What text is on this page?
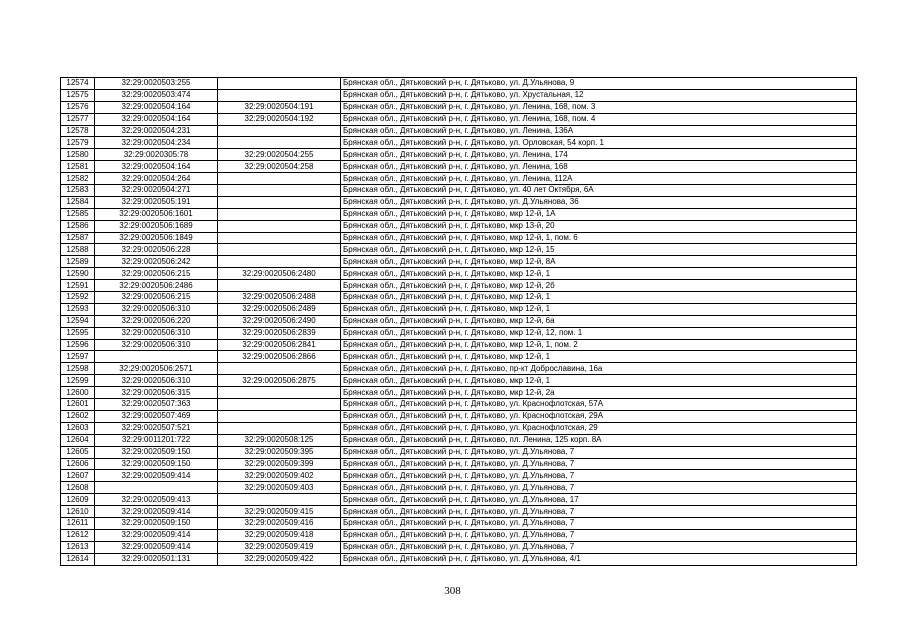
12574	32:29:0020503:255		Брянская обл., Дятьковский р-н, г. Дятьково, ул. Д.Ульянова, 9
12575	32:29:0020503:474		Брянская обл., Дятьковский р-н, г. Дятьково, ул. Хрустальная, 12
12576	32:29:0020504:164	32:29:0020504:191	Брянская обл., Дятьковский р-н, г. Дятьково, ул. Ленина, 168, пом. 3
12577	32:29:0020504:164	32:29:0020504:192	Брянская обл., Дятьковский р-н, г. Дятьково, ул. Ленина, 168, пом. 4
12578	32:29:0020504:231		Брянская обл., Дятьковский р-н, г. Дятьково, ул. Ленина, 136А
12579	32:29:0020504:234		Брянская обл., Дятьковский р-н, г. Дятьково, ул. Орловская, 54 корп. 1
12580	32:29:0020305:78	32:29:0020504:255	Брянская обл., Дятьковский р-н, г. Дятьково, ул. Ленина, 174
12581	32:29:0020504:164	32:29:0020504:258	Брянская обл., Дятьковский р-н, г. Дятьково, ул. Ленина, 168
12582	32:29:0020504:264		Брянская обл., Дятьковский р-н, г. Дятьково, ул. Ленина, 112А
12583	32:29:0020504:271		Брянская обл., Дятьковский р-н, г. Дятьково, ул. 40 лет Октября, 6А
12584	32:29:0020505:191		Брянская обл., Дятьковский р-н, г. Дятьково, ул. Д.Ульянова, 36
12585	32:29:0020506:1601		Брянская обл., Дятьковский р-н, г. Дятьково, мкр 12-й, 1А
12586	32:29:0020506:1689		Брянская обл., Дятьковский р-н, г. Дятьково, мкр 13-й, 20
12587	32:29:0020506:1849		Брянская обл., Дятьковский р-н, г. Дятьково, мкр 12-й, 1, пом. 6
12588	32:29:0020506:228		Брянская обл., Дятьковский р-н, г. Дятьково, мкр 12-й, 15
12589	32:29:0020506:242		Брянская обл., Дятьковский р-н, г. Дятьково, мкр 12-й, 8А
12590	32:29:0020506:215	32:29:0020506:2480	Брянская обл., Дятьковский р-н, г. Дятьково, мкр 12-й, 1
12591	32:29:0020506:2486		Брянская обл., Дятьковский р-н, г. Дятьково, мкр 12-й, 2б
12592	32:29:0020506:215	32:29:0020506:2488	Брянская обл., Дятьковский р-н, г. Дятьково, мкр 12-й, 1
12593	32:29:0020506:310	32:29:0020506:2489	Брянская обл., Дятьковский р-н, г. Дятьково, мкр 12-й, 1
12594	32:29:0020506:220	32:29:0020506:2490	Брянская обл., Дятьковский р-н, г. Дятьково, мкр 12-й, 6а
12595	32:29:0020506:310	32:29:0020506:2839	Брянская обл., Дятьковский р-н, г. Дятьково, мкр 12-й, 12, пом. 1
12596	32:29:0020506:310	32:29:0020506:2841	Брянская обл., Дятьковский р-н, г. Дятьково, мкр 12-й, 1, пом. 2
12597		32:29:0020506:2866	Брянская обл., Дятьковский р-н, г. Дятьково, мкр 12-й, 1
12598	32:29:0020506:2571		Брянская обл., Дятьковский р-н, г. Дятьково, пр-кт Доброславина, 16а
12599	32:29:0020506:310	32:29:0020506:2875	Брянская обл., Дятьковский р-н, г. Дятьково, мкр 12-й, 1
12600	32:29:0020506:315		Брянская обл., Дятьковский р-н, г. Дятьково, мкр 12-й, 2а
12601	32:29:0020507:363		Брянская обл., Дятьковский р-н, г. Дятьково, ул. Краснофлотская, 57А
12602	32:29:0020507:469		Брянская обл., Дятьковский р-н, г. Дятьково, ул. Краснофлотская, 29А
12603	32:29:0020507:521		Брянская обл., Дятьковский р-н, г. Дятьково, ул. Краснофлотская, 29
12604	32:29:0011201:722	32:29:0020508:125	Брянская обл., Дятьковский р-н, г. Дятьково, пл. Ленина, 125 корп. 8А
12605	32:29:0020509:150	32:29:0020509:395	Брянская обл., Дятьковский р-н, г. Дятьково, ул. Д.Ульянова, 7
12606	32:29:0020509:150	32:29:0020509:399	Брянская обл., Дятьковский р-н, г. Дятьково, ул. Д.Ульянова, 7
12607	32:29:0020509:414	32:29:0020509:402	Брянская обл., Дятьковский р-н, г. Дятьково, ул. Д.Ульянова, 7
12608		32:29:0020509:403	Брянская обл., Дятьковский р-н, г. Дятьково, ул. Д.Ульянова, 7
12609	32:29:0020509:413		Брянская обл., Дятьковский р-н, г. Дятьково, ул. Д.Ульянова, 17
12610	32:29:0020509:414	32:29:0020509:415	Брянская обл., Дятьковский р-н, г. Дятьково, ул. Д.Ульянова, 7
12611	32:29:0020509:150	32:29:0020509:416	Брянская обл., Дятьковский р-н, г. Дятьково, ул. Д.Ульянова, 7
12612	32:29:0020509:414	32:29:0020509:418	Брянская обл., Дятьковский р-н, г. Дятьково, ул. Д.Ульянова, 7
12613	32:29:0020509:414	32:29:0020509:419	Брянская обл., Дятьковский р-н, г. Дятьково, ул. Д.Ульянова, 7
12614	32:29:0020501:131	32:29:0020509:422	Брянская обл., Дятьковский р-н, г. Дятьково, ул. Д.Ульянова, 4/1
308
